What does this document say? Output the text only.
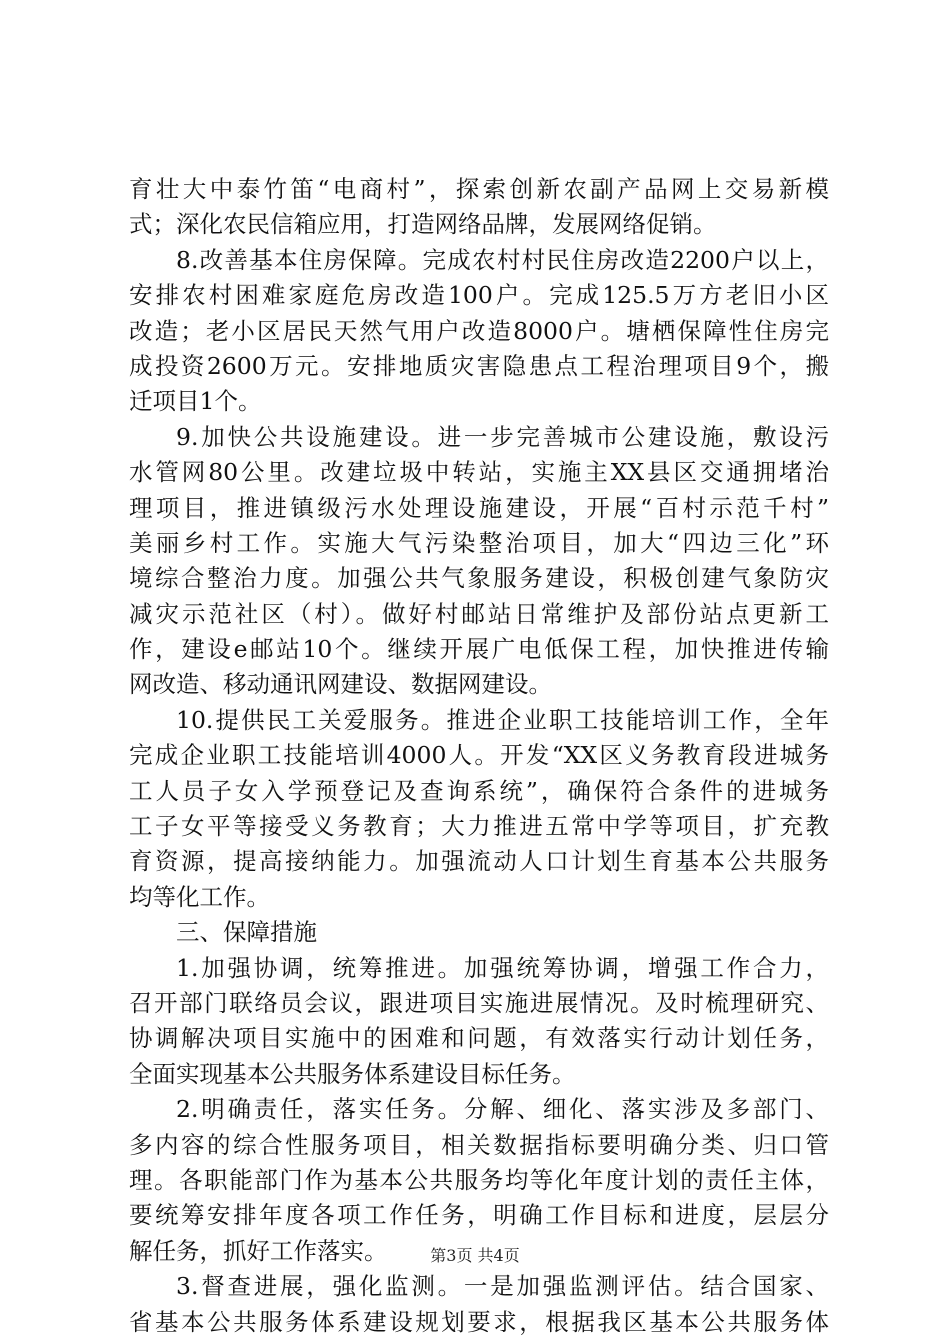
育壮大中泰竹笛“电商村”，探索创新农副产品网上交易新模
式；深化农民信箱应用，打造网络品牌，发展网络促销。
8.改善基本住房保障。完成农村村民住房改造2200户以上，
安排农村困难家庭危房改造100户。完成125.5万方老旧小区
改造；老小区居民天然气用户改造8000户。塘栖保障性住房完
成投资2600万元。安排地质灾害隐患点工程治理项目9个，搬
迁项目1个。
9.加快公共设施建设。进一步完善城市公建设施，敷设污
水管网80公里。改建垃圾中转站，实施主XX县区交通拥堵治
理项目，推进镇级污水处理设施建设，开展“百村示范千村”
美丽乡村工作。实施大气污染整治项目，加大“四边三化”环
境综合整治力度。加强公共气象服务建设，积极创建气象防灾
减灾示范社区（村）。做好村邮站日常维护及部份站点更新工
作，建设e邮站10个。继续开展广电低保工程，加快推进传输
网改造、移动通讯网建设、数据网建设。
10.提供民工关爱服务。推进企业职工技能培训工作，全年
完成企业职工技能培训4000人。开发“XX区义务教育段进城务
工人员子女入学预登记及查询系统”，确保符合条件的进城务
工子女平等接受义务教育；大力推进五常中学等项目，扩充教
育资源，提高接纳能力。加强流动人口计划生育基本公共服务
均等化工作。
三、保障措施
1.加强协调，统筹推进。加强统筹协调，增强工作合力，
召开部门联络员会议，跟进项目实施进展情况。及时梳理研究、
协调解决项目实施中的困难和问题，有效落实行动计划任务，
全面实现基本公共服务体系建设目标任务。
2.明确责任，落实任务。分解、细化、落实涉及多部门、
多内容的综合性服务项目，相关数据指标要明确分类、归口管
理。各职能部门作为基本公共服务均等化年度计划的责任主体，
要统筹安排年度各项工作任务，明确工作目标和进度，层层分
解任务，抓好工作落实。
3.督查进展，强化监测。一是加强监测评估。结合国家、
省基本公共服务体系建设规划要求，根据我区基本公共服务体
第3页 共4页
